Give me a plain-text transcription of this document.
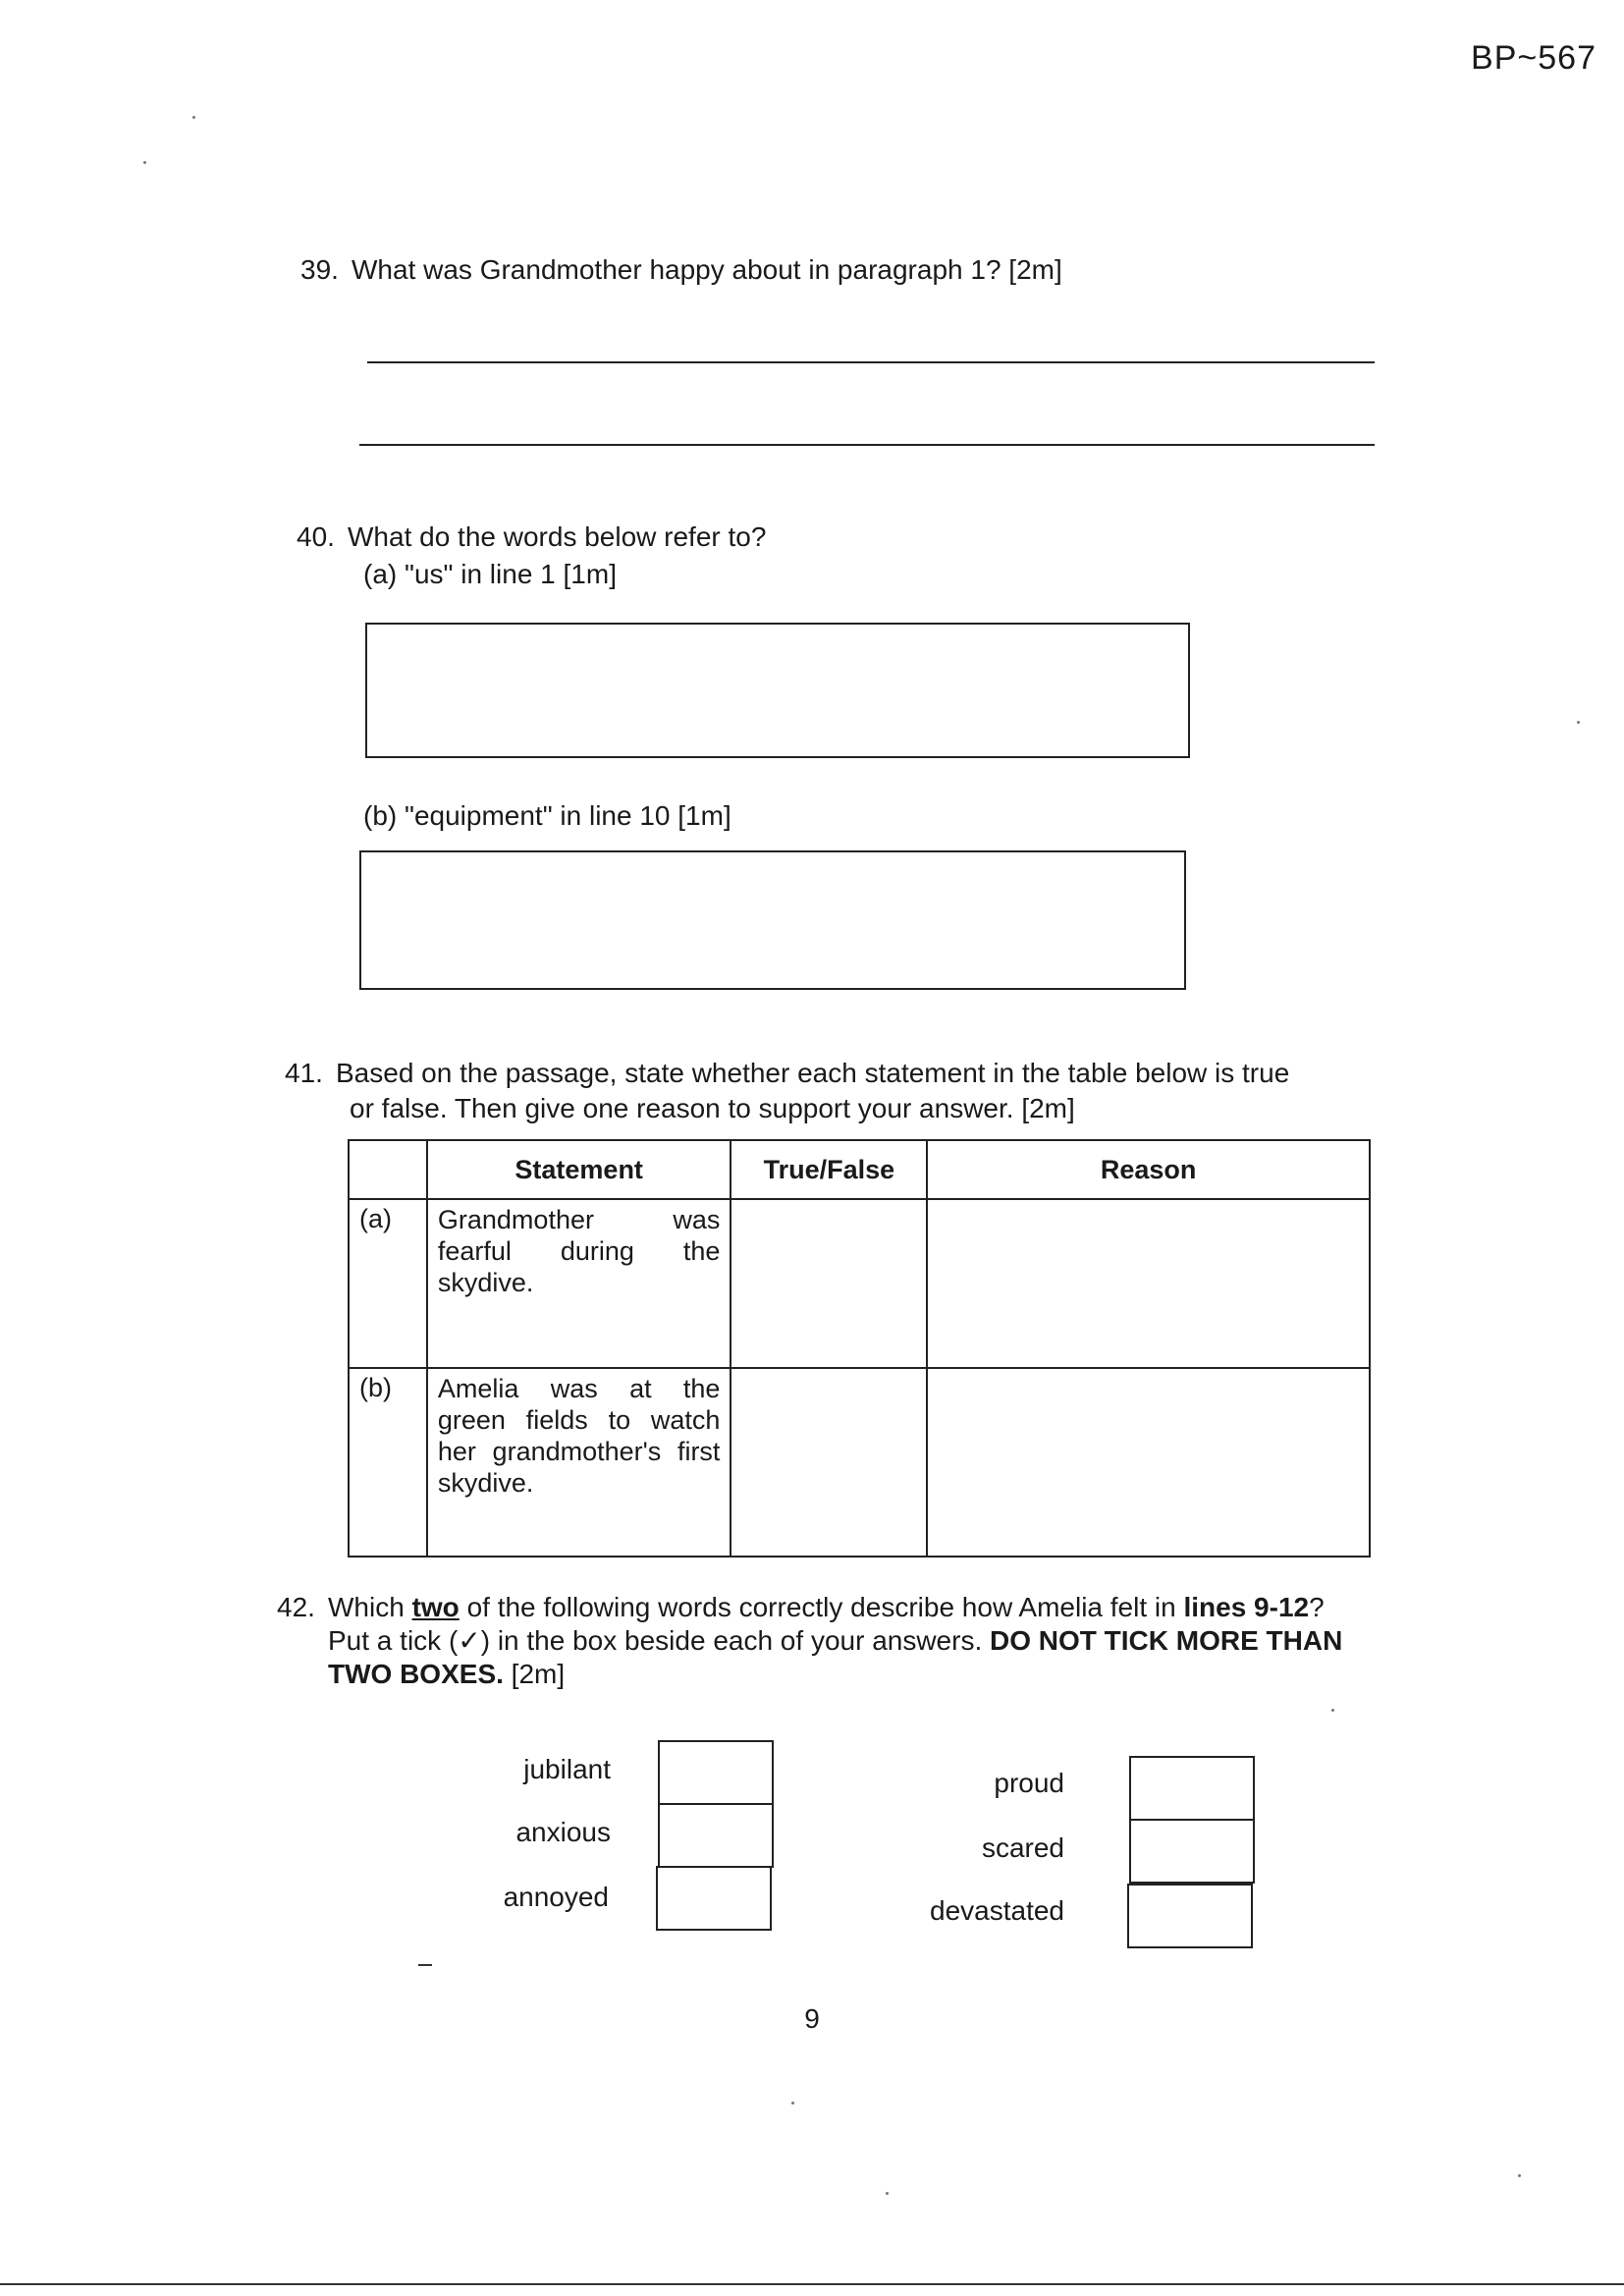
BP~567
39. What was Grandmother happy about in paragraph 1? [2m]
40. What do the words below refer to?
(a) "us" in line 1 [1m]
(b) "equipment" in line 10 [1m]
41. Based on the passage, state whether each statement in the table below is true
or false. Then give one reason to support your answer. [2m]
	Statement	True/False	Reason
(a)	Grandmother was fearful during the skydive.		
(b)	Amelia was at the green fields to watch her grandmother's first skydive.		
42. Which two of the following words correctly describe how Amelia felt in lines 9-12? Put a tick (✓) in the box beside each of your answers. DO NOT TICK MORE THAN TWO BOXES. [2m]
jubilant
anxious
annoyed
proud
scared
devastated
9
